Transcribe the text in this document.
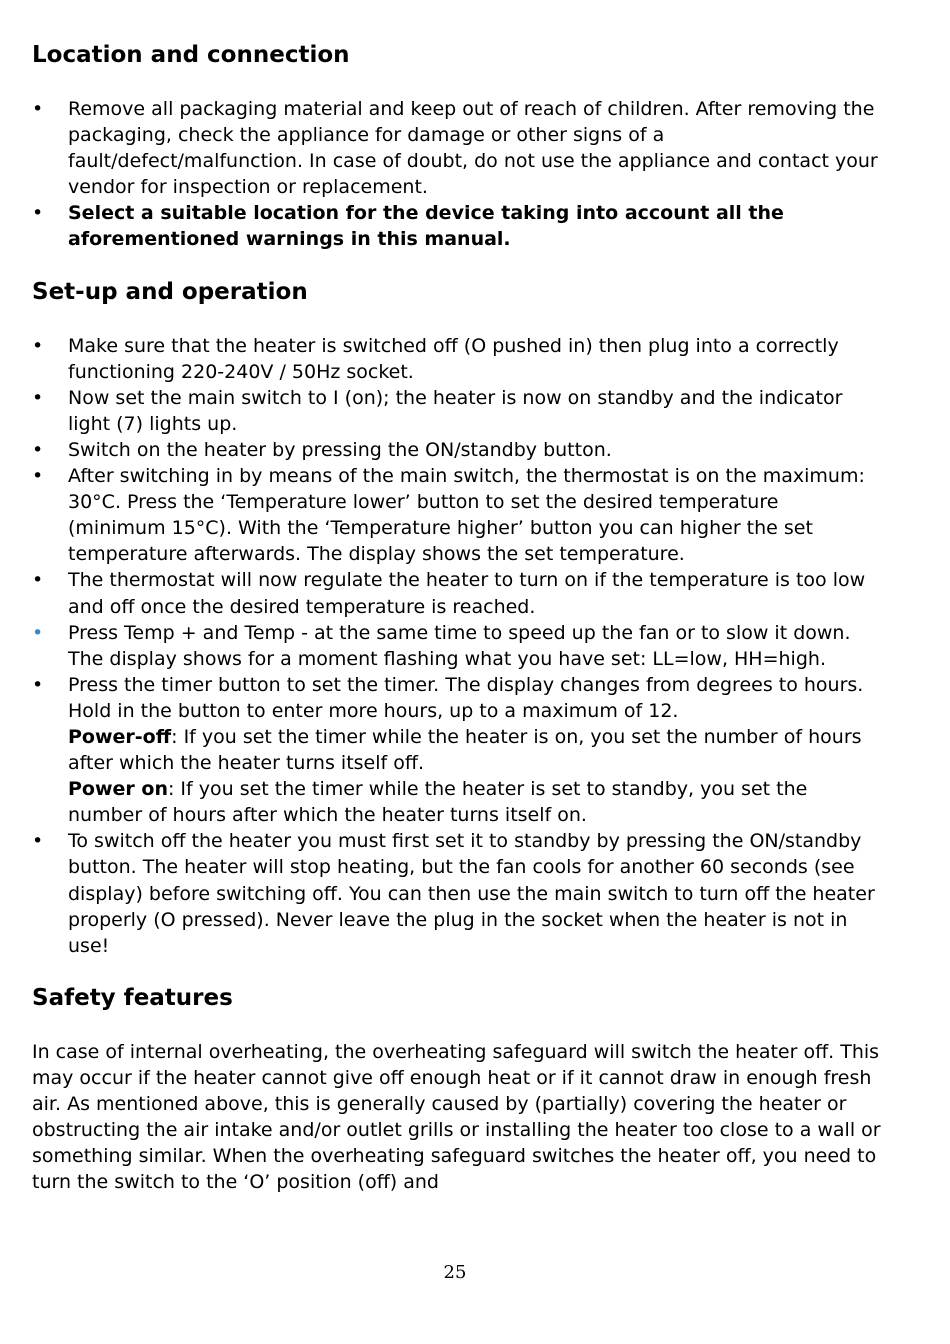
Location and connection
•	Remove all packaging material and keep out of reach of children. After removing the packaging, check the appliance for damage or other signs of a fault/defect/malfunction. In case of doubt, do not use the appliance and contact your vendor for inspection or replacement.
•	Select a suitable location for the device taking into account all the aforementioned warnings in this manual.
Set-up and operation
•	Make sure that the heater is switched off (O pushed in) then plug into a correctly functioning 220-240V / 50Hz socket.
•	Now set the main switch to I (on); the heater is now on standby and the indicator light (7) lights up.
•	Switch on the heater by pressing the ON/standby button.
•	After switching in by means of the main switch, the thermostat is on the maximum: 30°C. Press the ‘Temperature lower’ button to set the desired temperature (minimum 15°C). With the ‘Temperature higher’ button you can higher the set temperature afterwards. The display shows the set temperature.
•	The thermostat will now regulate the heater to turn on if the temperature is too low and off once the desired temperature is reached.
•	Press Temp + and Temp - at the same time to speed up the fan or to slow it down. The display shows for a moment flashing what you have set: LL=low, HH=high.
•	Press the timer button to set the timer. The display changes from degrees to hours. Hold in the button to enter more hours, up to a maximum of 12.
Power-off: If you set the timer while the heater is on, you set the number of hours after which the heater turns itself off.
Power on: If you set the timer while the heater is set to standby, you set the number of hours after which the heater turns itself on.
•	To switch off the heater you must first set it to standby by pressing the ON/standby button. The heater will stop heating, but the fan cools for another 60 seconds (see display) before switching off. You can then use the main switch to turn off the heater properly (O pressed). Never leave the plug in the socket when the heater is not in use!
Safety features

In case of internal overheating, the overheating safeguard will switch the heater off. This may occur if the heater cannot give off enough heat or if it cannot draw in enough fresh air. As mentioned above, this is generally caused by (partially) covering the heater or obstructing the air intake and/or outlet grills or installing the heater too close to a wall or something similar. When the overheating safeguard switches the heater off, you need to turn the switch to the ‘O’ position (off) and

25
